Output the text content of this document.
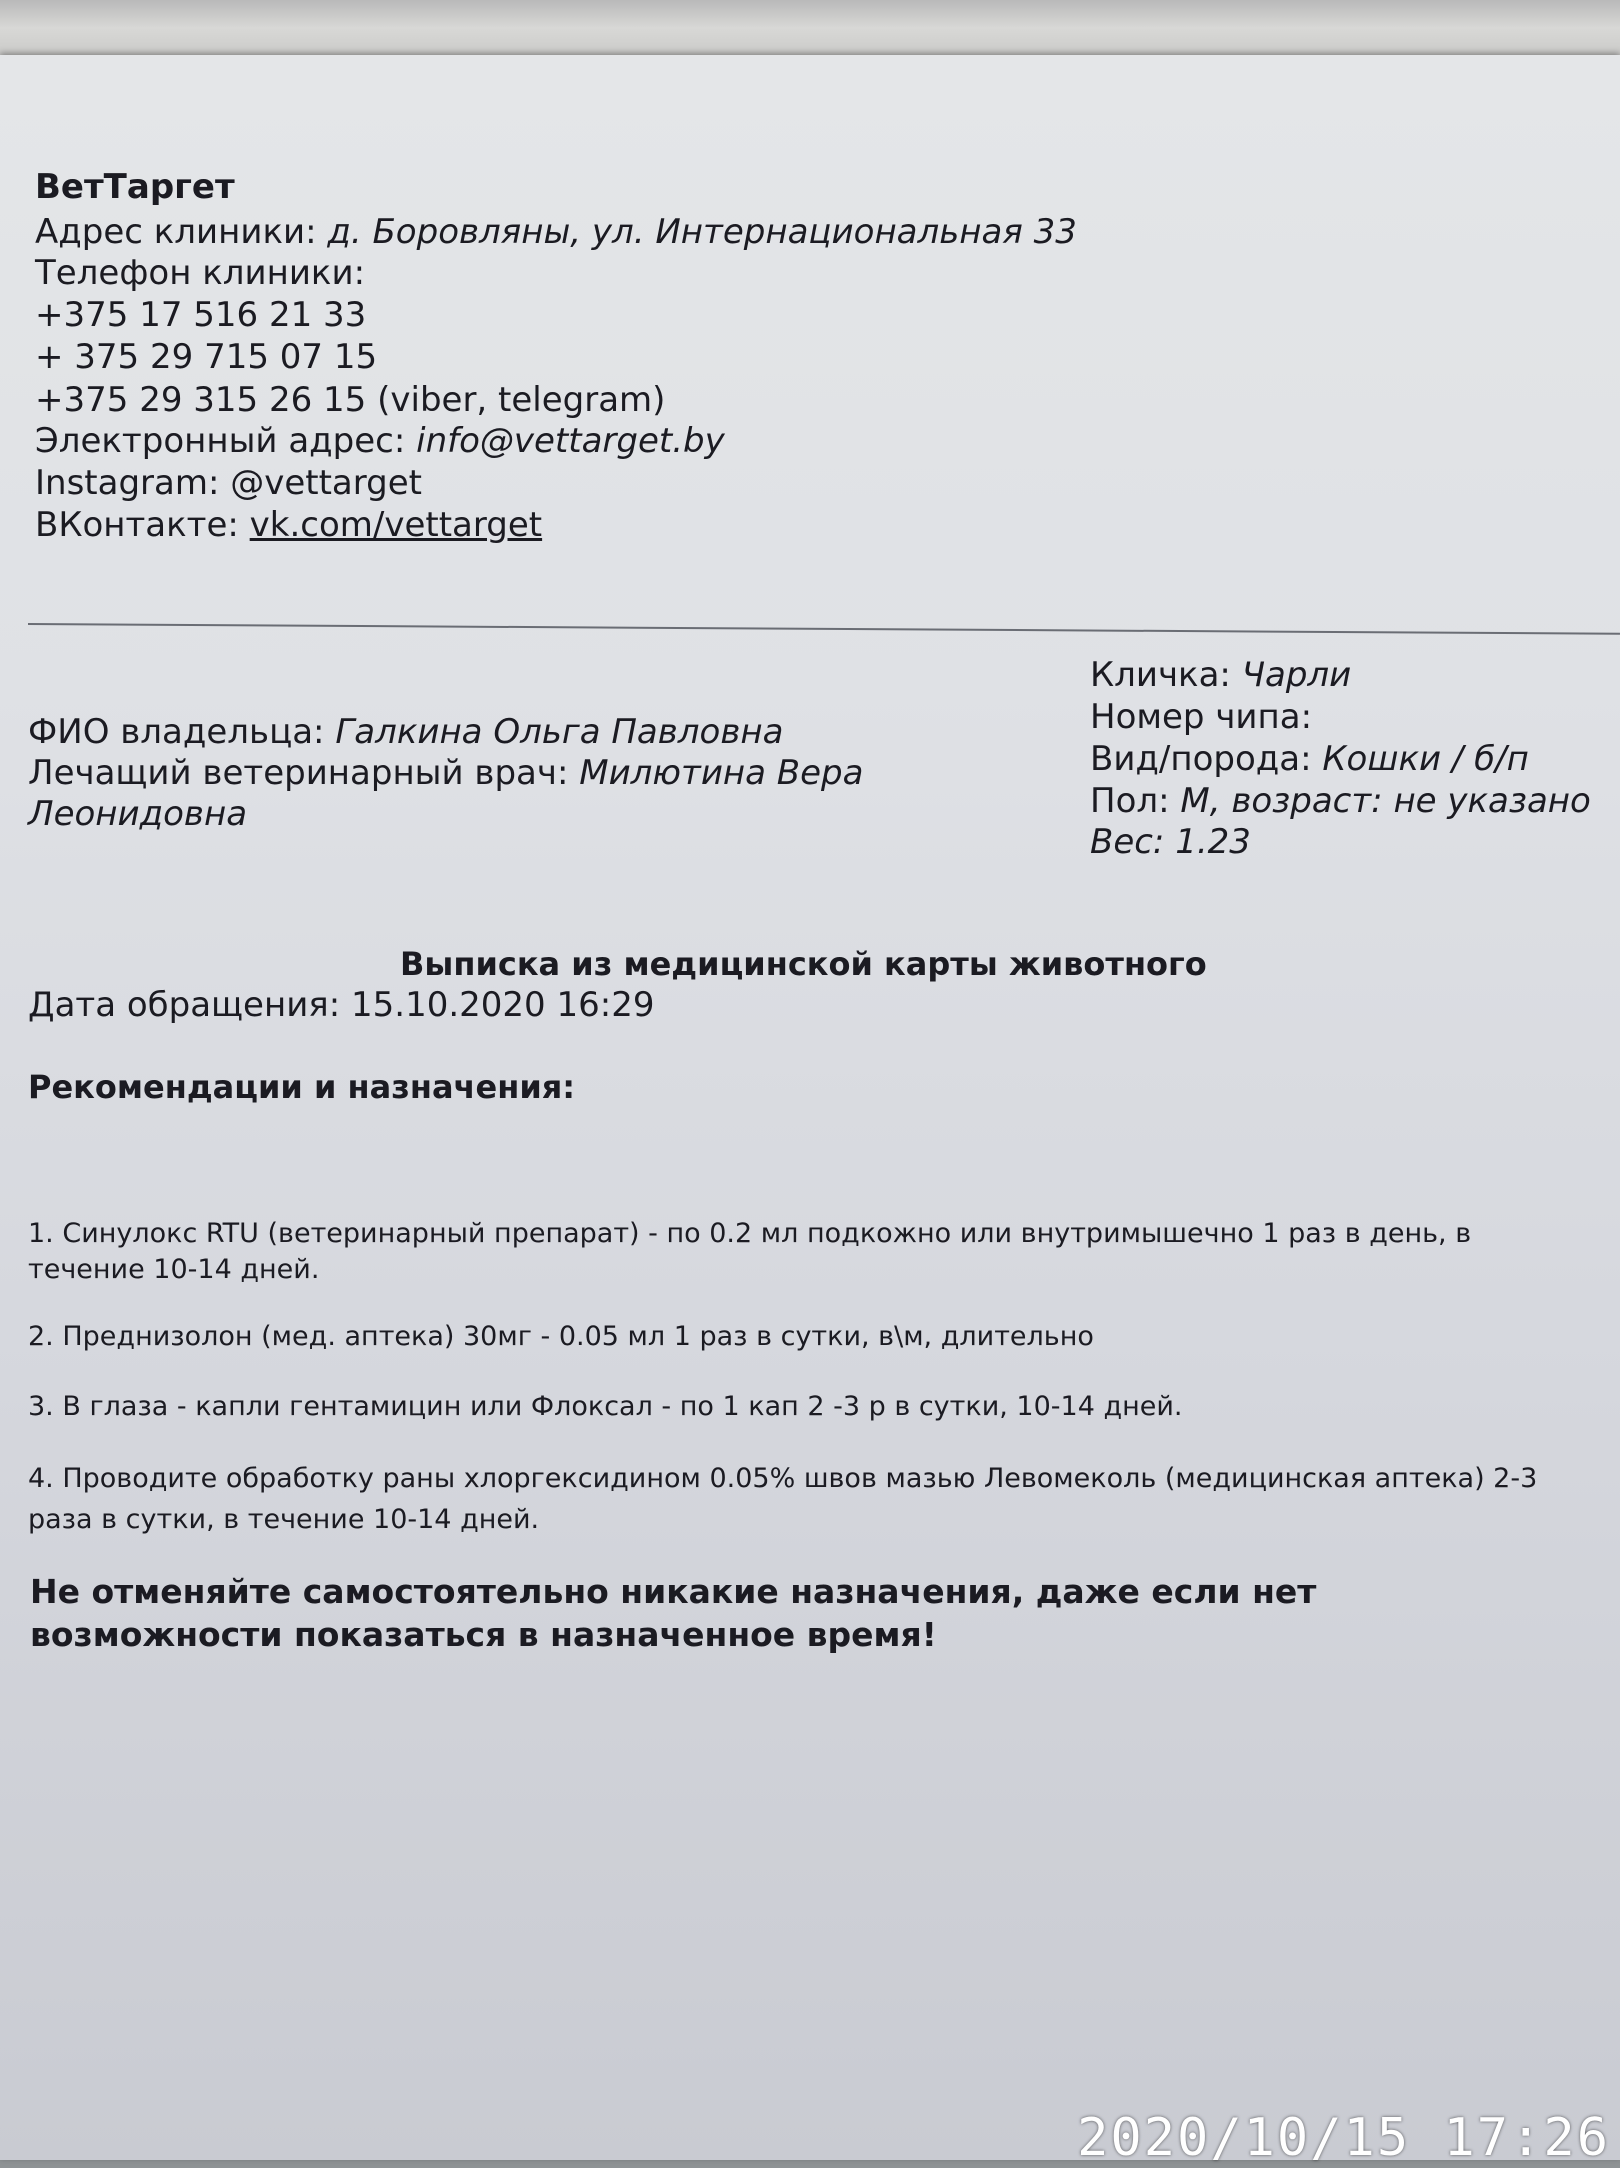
ВетТаргет
Адрес клиники: д. Боровляны, ул. Интернациональная 33
Телефон клиники:
+375 17 516 21 33
+ 375 29 715 07 15
+375 29 315 26 15 (viber, telegram)
Электронный адрес: info@vettarget.by
Instagram: @vettarget
ВКонтакте: vk.com/vettarget
Кличка: Чарли
Номер чипа:
Вид/порода: Кошки / б/п
Пол: М, возраст: не указано
Вес: 1.23
ФИО владельца: Галкина Ольга Павловна
Лечащий ветеринарный врач: Милютина Вера
Леонидовна
Выписка из медицинской карты животного
Дата обращения: 15.10.2020 16:29
Рекомендации и назначения:
1. Синулокс RTU (ветеринарный препарат) - по 0.2 мл подкожно или внутримышечно 1 раз в день, в
течение 10-14 дней.
2. Преднизолон (мед. аптека) 30мг - 0.05 мл 1 раз в сутки, в\м, длительно
3. В глаза - капли гентамицин или Флоксал - по 1 кап 2 -3 р в сутки, 10-14 дней.
4. Проводите обработку раны хлоргексидином 0.05% швов мазью Левомеколь (медицинская аптека) 2-3
раза в сутки, в течение 10-14 дней.
Не отменяйте самостоятельно никакие назначения, даже если нет
возможности показаться в назначенное время!
2020/10/15 17:26
